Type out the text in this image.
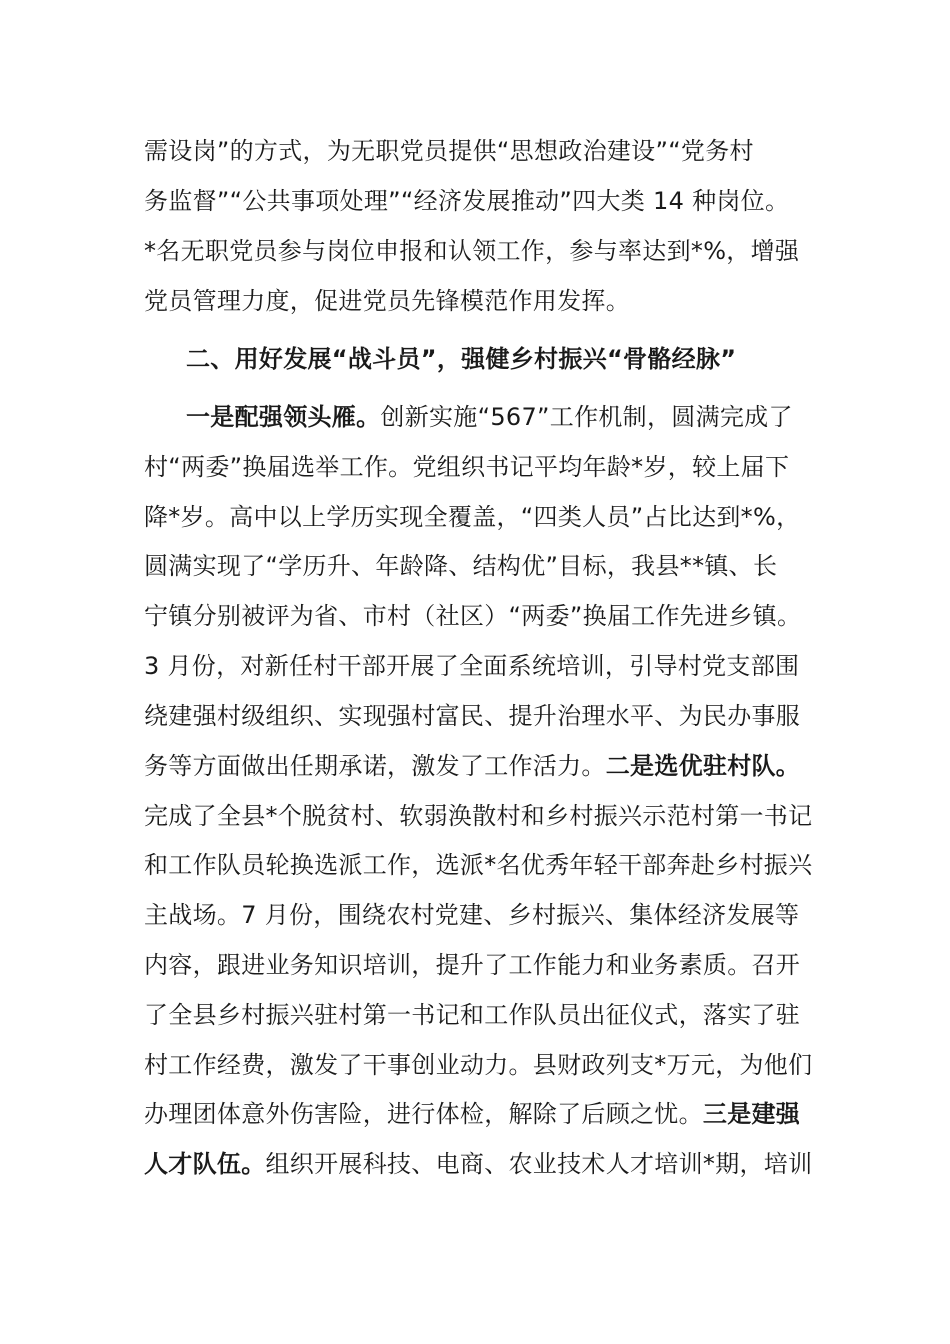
需设岗”的方式，为无职党员提供“思想政治建设”“党务村
务监督”“公共事项处理”“经济发展推动”四大类 14 种岗位。
*名无职党员参与岗位申报和认领工作，参与率达到*%，增强
党员管理力度，促进党员先锋模范作用发挥。
二、用好发展“战斗员”，强健乡村振兴“骨骼经脉”
一是配强领头雁。创新实施“567”工作机制，圆满完成了
村“两委”换届选举工作。党组织书记平均年龄*岁，较上届下
降*岁。高中以上学历实现全覆盖，“四类人员”占比达到*%，
圆满实现了“学历升、年龄降、结构优”目标，我县**镇、长
宁镇分别被评为省、市村（社区）“两委”换届工作先进乡镇。
3 月份，对新任村干部开展了全面系统培训，引导村党支部围
绕建强村级组织、实现强村富民、提升治理水平、为民办事服
务等方面做出任期承诺，激发了工作活力。二是选优驻村队。
完成了全县*个脱贫村、软弱涣散村和乡村振兴示范村第一书记
和工作队员轮换选派工作，选派*名优秀年轻干部奔赴乡村振兴
主战场。7 月份，围绕农村党建、乡村振兴、集体经济发展等
内容，跟进业务知识培训，提升了工作能力和业务素质。召开
了全县乡村振兴驻村第一书记和工作队员出征仪式，落实了驻
村工作经费，激发了干事创业动力。县财政列支*万元，为他们
办理团体意外伤害险，进行体检，解除了后顾之忧。三是建强
人才队伍。组织开展科技、电商、农业技术人才培训*期，培训
